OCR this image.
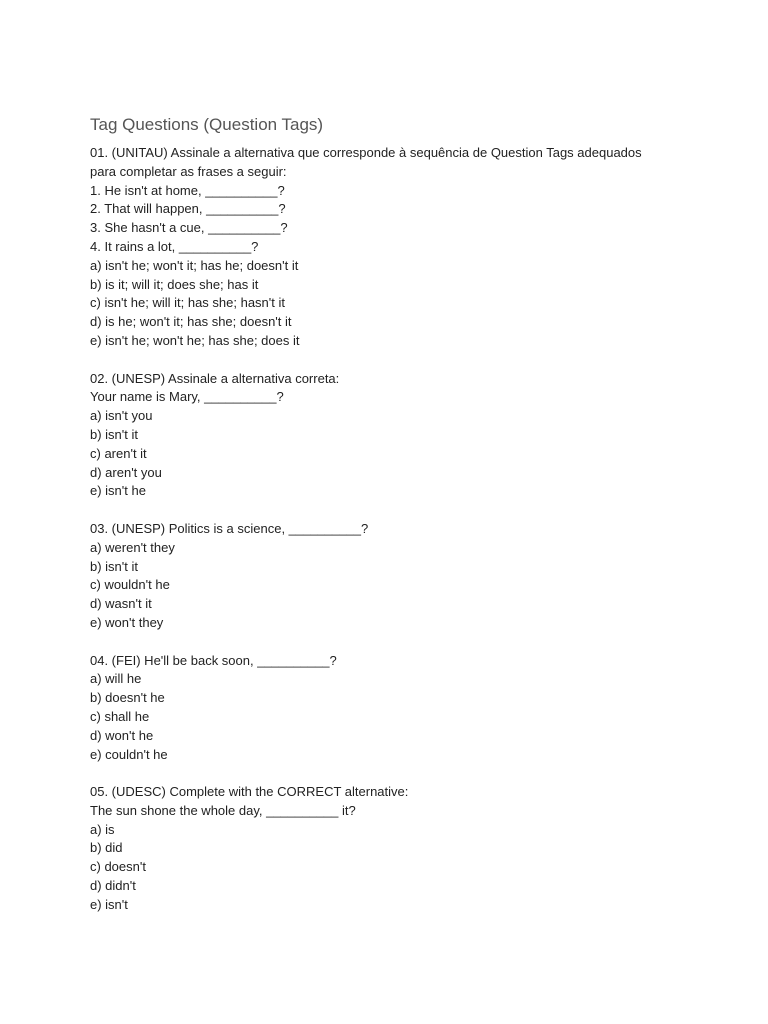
Tag Questions (Question Tags)
01. (UNITAU) Assinale a alternativa que corresponde à sequência de Question Tags adequados
para completar as frases a seguir:
1. He isn't at home, __________?
2. That will happen, __________?
3. She hasn't a cue, __________?
4. It rains a lot, __________?
a) isn't he; won't it; has he; doesn't it
b) is it; will it; does she; has it
c) isn't he; will it; has she; hasn't it
d) is he; won't it; has she; doesn't it
e) isn't he; won't he; has she; does it
02. (UNESP) Assinale a alternativa correta:
Your name is Mary, __________?
a) isn't you
b) isn't it
c) aren't it
d) aren't you
e) isn't he
03. (UNESP) Politics is a science, __________?
a) weren't they
b) isn't it
c) wouldn't he
d) wasn't it
e) won't they
04. (FEI) He'll be back soon, __________?
a) will he
b) doesn't he
c) shall he
d) won't he
e) couldn't he
05. (UDESC) Complete with the CORRECT alternative:
The sun shone the whole day, __________ it?
a) is
b) did
c) doesn't
d) didn't
e) isn't
